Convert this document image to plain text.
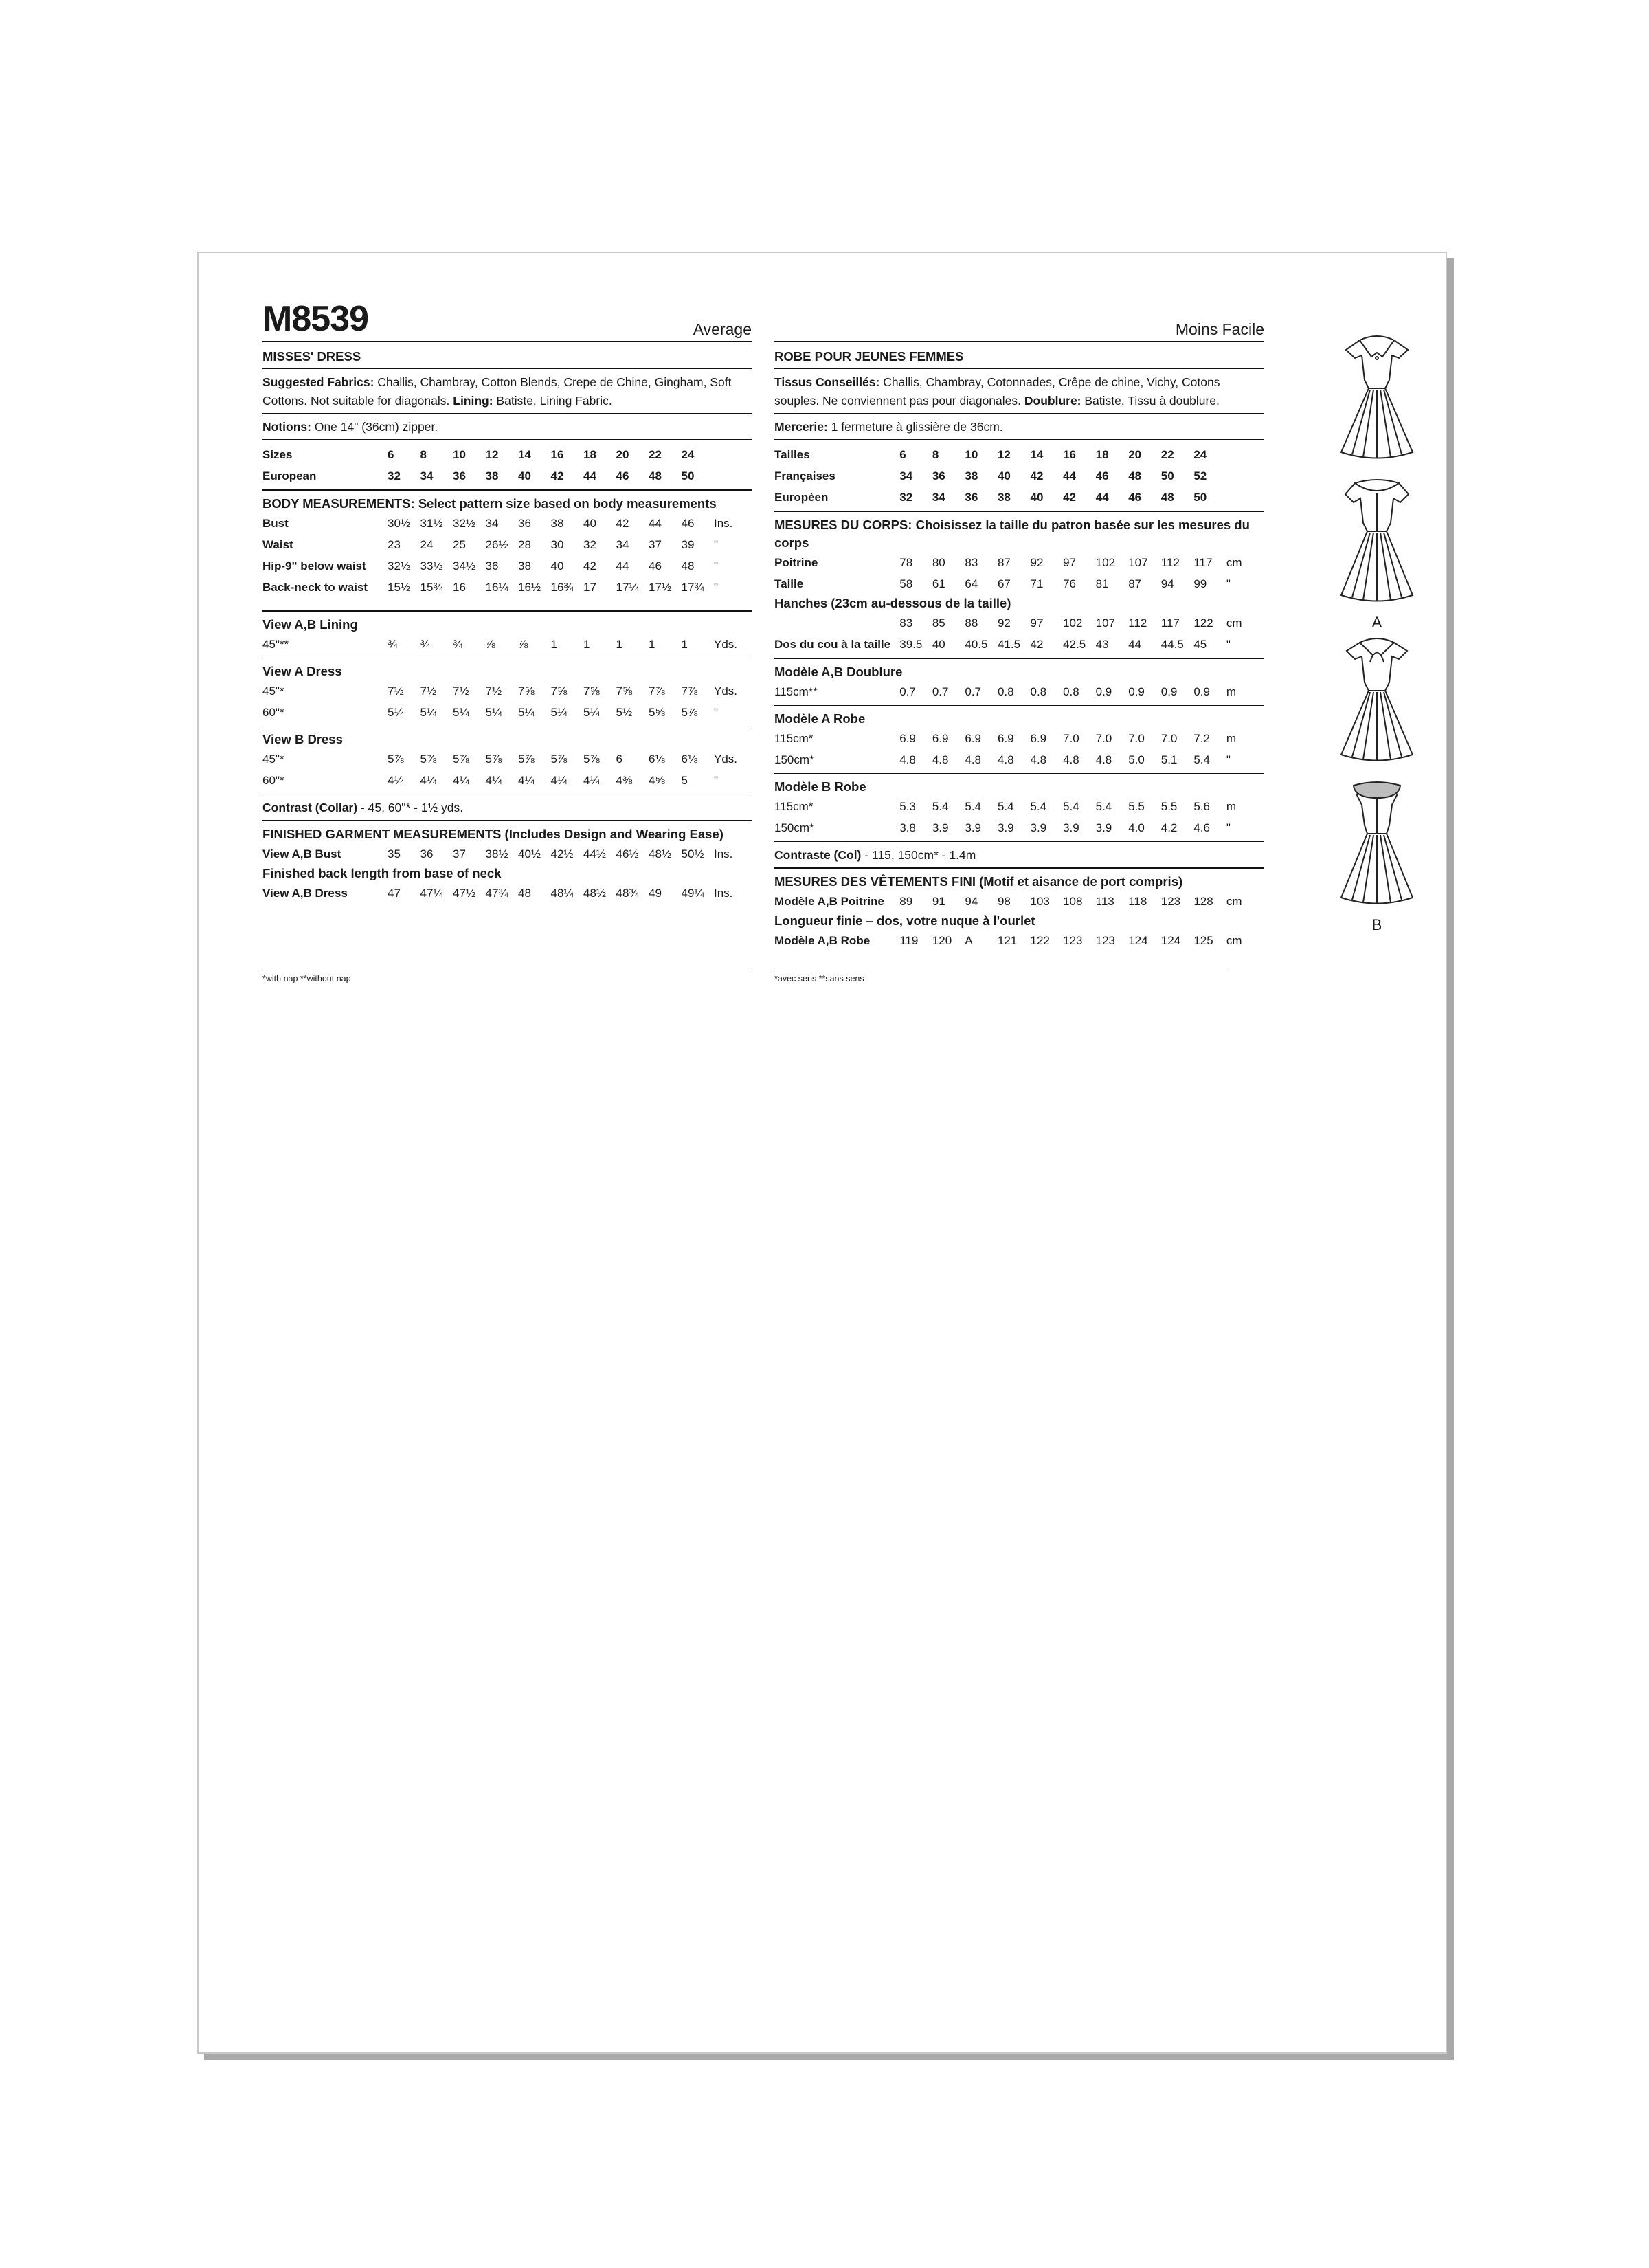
M8539	Average

MISSES' DRESS

Suggested Fabrics: Challis, Chambray, Cotton Blends, Crepe de Chine, Gingham, Soft Cottons. Not suitable for diagonals. Lining: Batiste, Lining Fabric.

Notions: One 14" (36cm) zipper.

Sizes	6	8	10	12	14	16	18	20	22	24	
European	32	34	36	38	40	42	44	46	48	50	

BODY MEASUREMENTS: Select pattern size based on body measurements

Bust	30½	31½	32½	34	36	38	40	42	44	46	Ins.
Waist	23	24	25	26½	28	30	32	34	37	39	"
Hip-9" below waist	32½	33½	34½	36	38	40	42	44	46	48	"
Back-neck to waist	15½	15¾	16	16¼	16½	16¾	17	17¼	17½	17¾	"

View A,B Lining

45"**	¾	¾	¾	⅞	⅞	1	1	1	1	1	Yds.

View A Dress

45"*	7½	7½	7½	7½	7⅝	7⅝	7⅝	7⅝	7⅞	7⅞	Yds.
60"*	5¼	5¼	5¼	5¼	5¼	5¼	5¼	5½	5⅝	5⅞	"

View B Dress

45"*	5⅞	5⅞	5⅞	5⅞	5⅞	5⅞	5⅞	6	6⅛	6⅛	Yds.
60"*	4¼	4¼	4¼	4¼	4¼	4¼	4¼	4⅜	4⅝	5	"

Contrast (Collar) - 45, 60"* - 1½ yds.

FINISHED GARMENT MEASUREMENTS (Includes Design and Wearing Ease)

View A,B Bust	35	36	37	38½	40½	42½	44½	46½	48½	50½	Ins.

Finished back length from base of neck

View A,B Dress	47	47¼	47½	47¾	48	48¼	48½	48¾	49	49¼	Ins.
*with nap **without nap
Moins Facile

ROBE POUR JEUNES FEMMES

Tissus Conseillés: Challis, Chambray, Cotonnades, Crêpe de chine, Vichy, Cotons souples. Ne conviennent pas pour diagonales. Doublure: Batiste, Tissu à doublure.

Mercerie: 1 fermeture à glissière de 36cm.

Tailles	6	8	10	12	14	16	18	20	22	24	
Françaises	34	36	38	40	42	44	46	48	50	52	
Europèen	32	34	36	38	40	42	44	46	48	50	

MESURES DU CORPS: Choisissez la taille du patron basée sur les mesures du corps

Poitrine	78	80	83	87	92	97	102	107	112	117	cm
Taille	58	61	64	67	71	76	81	87	94	99	"

Hanches (23cm au-dessous de la taille)

	83	85	88	92	97	102	107	112	117	122	cm
Dos du cou à la taille	39.5	40	40.5	41.5	42	42.5	43	44	44.5	45	"

Modèle A,B Doublure

115cm**	0.7	0.7	0.7	0.8	0.8	0.8	0.9	0.9	0.9	0.9	m

Modèle A Robe

115cm*	6.9	6.9	6.9	6.9	6.9	7.0	7.0	7.0	7.0	7.2	m
150cm*	4.8	4.8	4.8	4.8	4.8	4.8	4.8	5.0	5.1	5.4	"

Modèle B Robe

115cm*	5.3	5.4	5.4	5.4	5.4	5.4	5.4	5.5	5.5	5.6	m
150cm*	3.8	3.9	3.9	3.9	3.9	3.9	3.9	4.0	4.2	4.6	"

Contraste (Col) - 115, 150cm* - 1.4m

MESURES DES VÊTEMENTS FINI (Motif et aisance de port compris)

Modèle A,B Poitrine	89	91	94	98	103	108	113	118	123	128	cm

Longueur finie – dos, votre nuque à l'ourlet

Modèle A,B Robe	119	120	A	121	122	123	123	124	124	125	cm
*avec sens **sans sens
A
B
